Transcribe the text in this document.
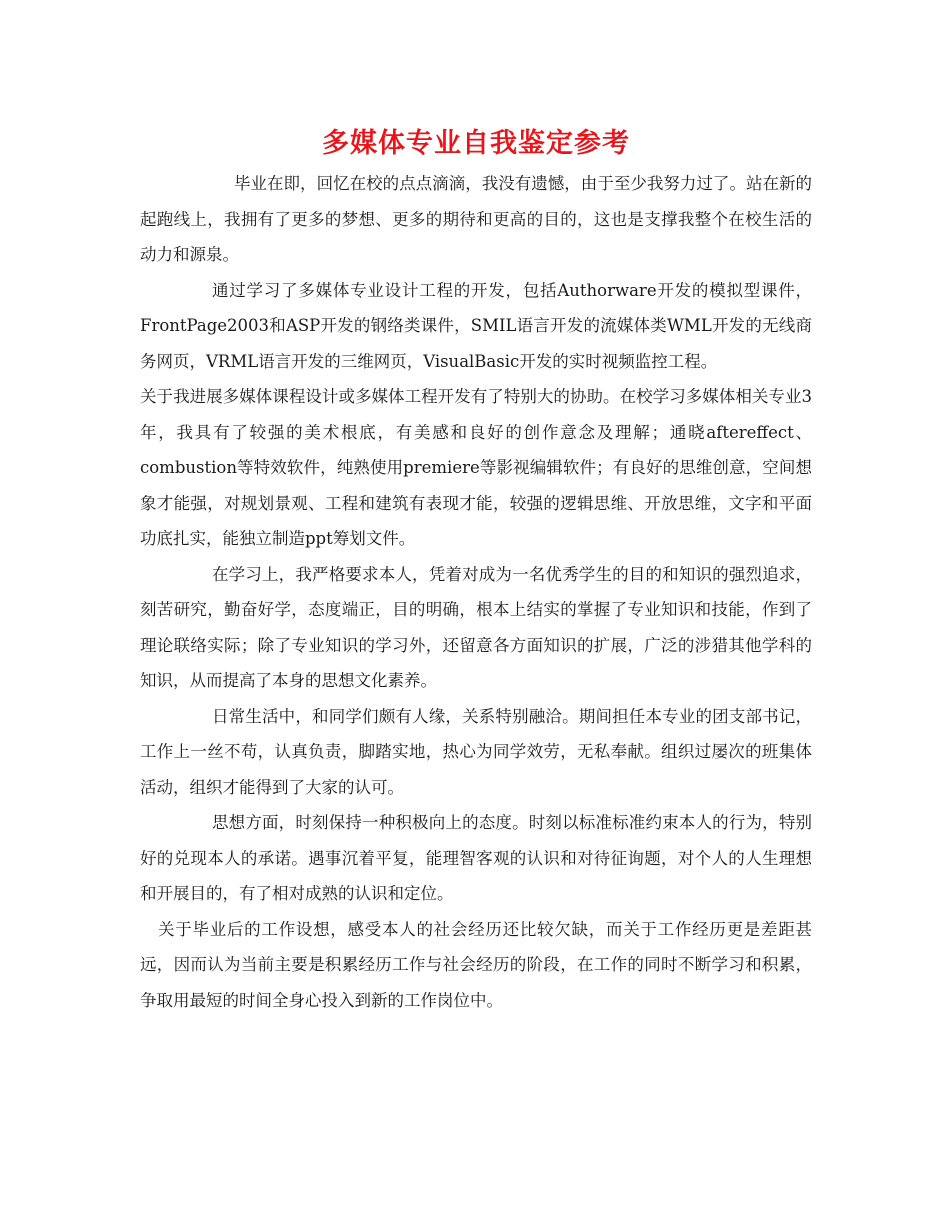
多媒体专业自我鉴定参考

毕业在即，回忆在校的点点滴滴，我没有遗憾，由于至少我努力过了。站在新的起跑线上，我拥有了更多的梦想、更多的期待和更高的目的，这也是支撑我整个在校生活的动力和源泉。

通过学习了多媒体专业设计工程的开发，包括Authorware开发的模拟型课件，FrontPage2003和ASP开发的钢络类课件，SMIL语言开发的流媒体类WML开发的无线商务网页，VRML语言开发的三维网页，VisualBasic开发的实时视频监控工程。

关于我进展多媒体课程设计或多媒体工程开发有了特别大的协助。在校学习多媒体相关专业3年，我具有了较强的美术根底，有美感和良好的创作意念及理解；通晓aftereffect、combustion等特效软件，纯熟使用premiere等影视编辑软件；有良好的思维创意，空间想象才能强，对规划景观、工程和建筑有表现才能，较强的逻辑思维、开放思维，文字和平面功底扎实，能独立制造ppt筹划文件。

在学习上，我严格要求本人，凭着对成为一名优秀学生的目的和知识的强烈追求，刻苦研究，勤奋好学，态度端正，目的明确，根本上结实的掌握了专业知识和技能，作到了理论联络实际；除了专业知识的学习外，还留意各方面知识的扩展，广泛的涉猎其他学科的知识，从而提高了本身的思想文化素养。

日常生活中，和同学们颇有人缘，关系特别融洽。期间担任本专业的团支部书记，工作上一丝不苟，认真负责，脚踏实地，热心为同学效劳，无私奉献。组织过屡次的班集体活动，组织才能得到了大家的认可。

思想方面，时刻保持一种积极向上的态度。时刻以标准标准约束本人的行为，特别好的兑现本人的承诺。遇事沉着平复，能理智客观的认识和对待征询题，对个人的人生理想和开展目的，有了相对成熟的认识和定位。

关于毕业后的工作设想，感受本人的社会经历还比较欠缺，而关于工作经历更是差距甚远，因而认为当前主要是积累经历工作与社会经历的阶段，在工作的同时不断学习和积累，争取用最短的时间全身心投入到新的工作岗位中。
